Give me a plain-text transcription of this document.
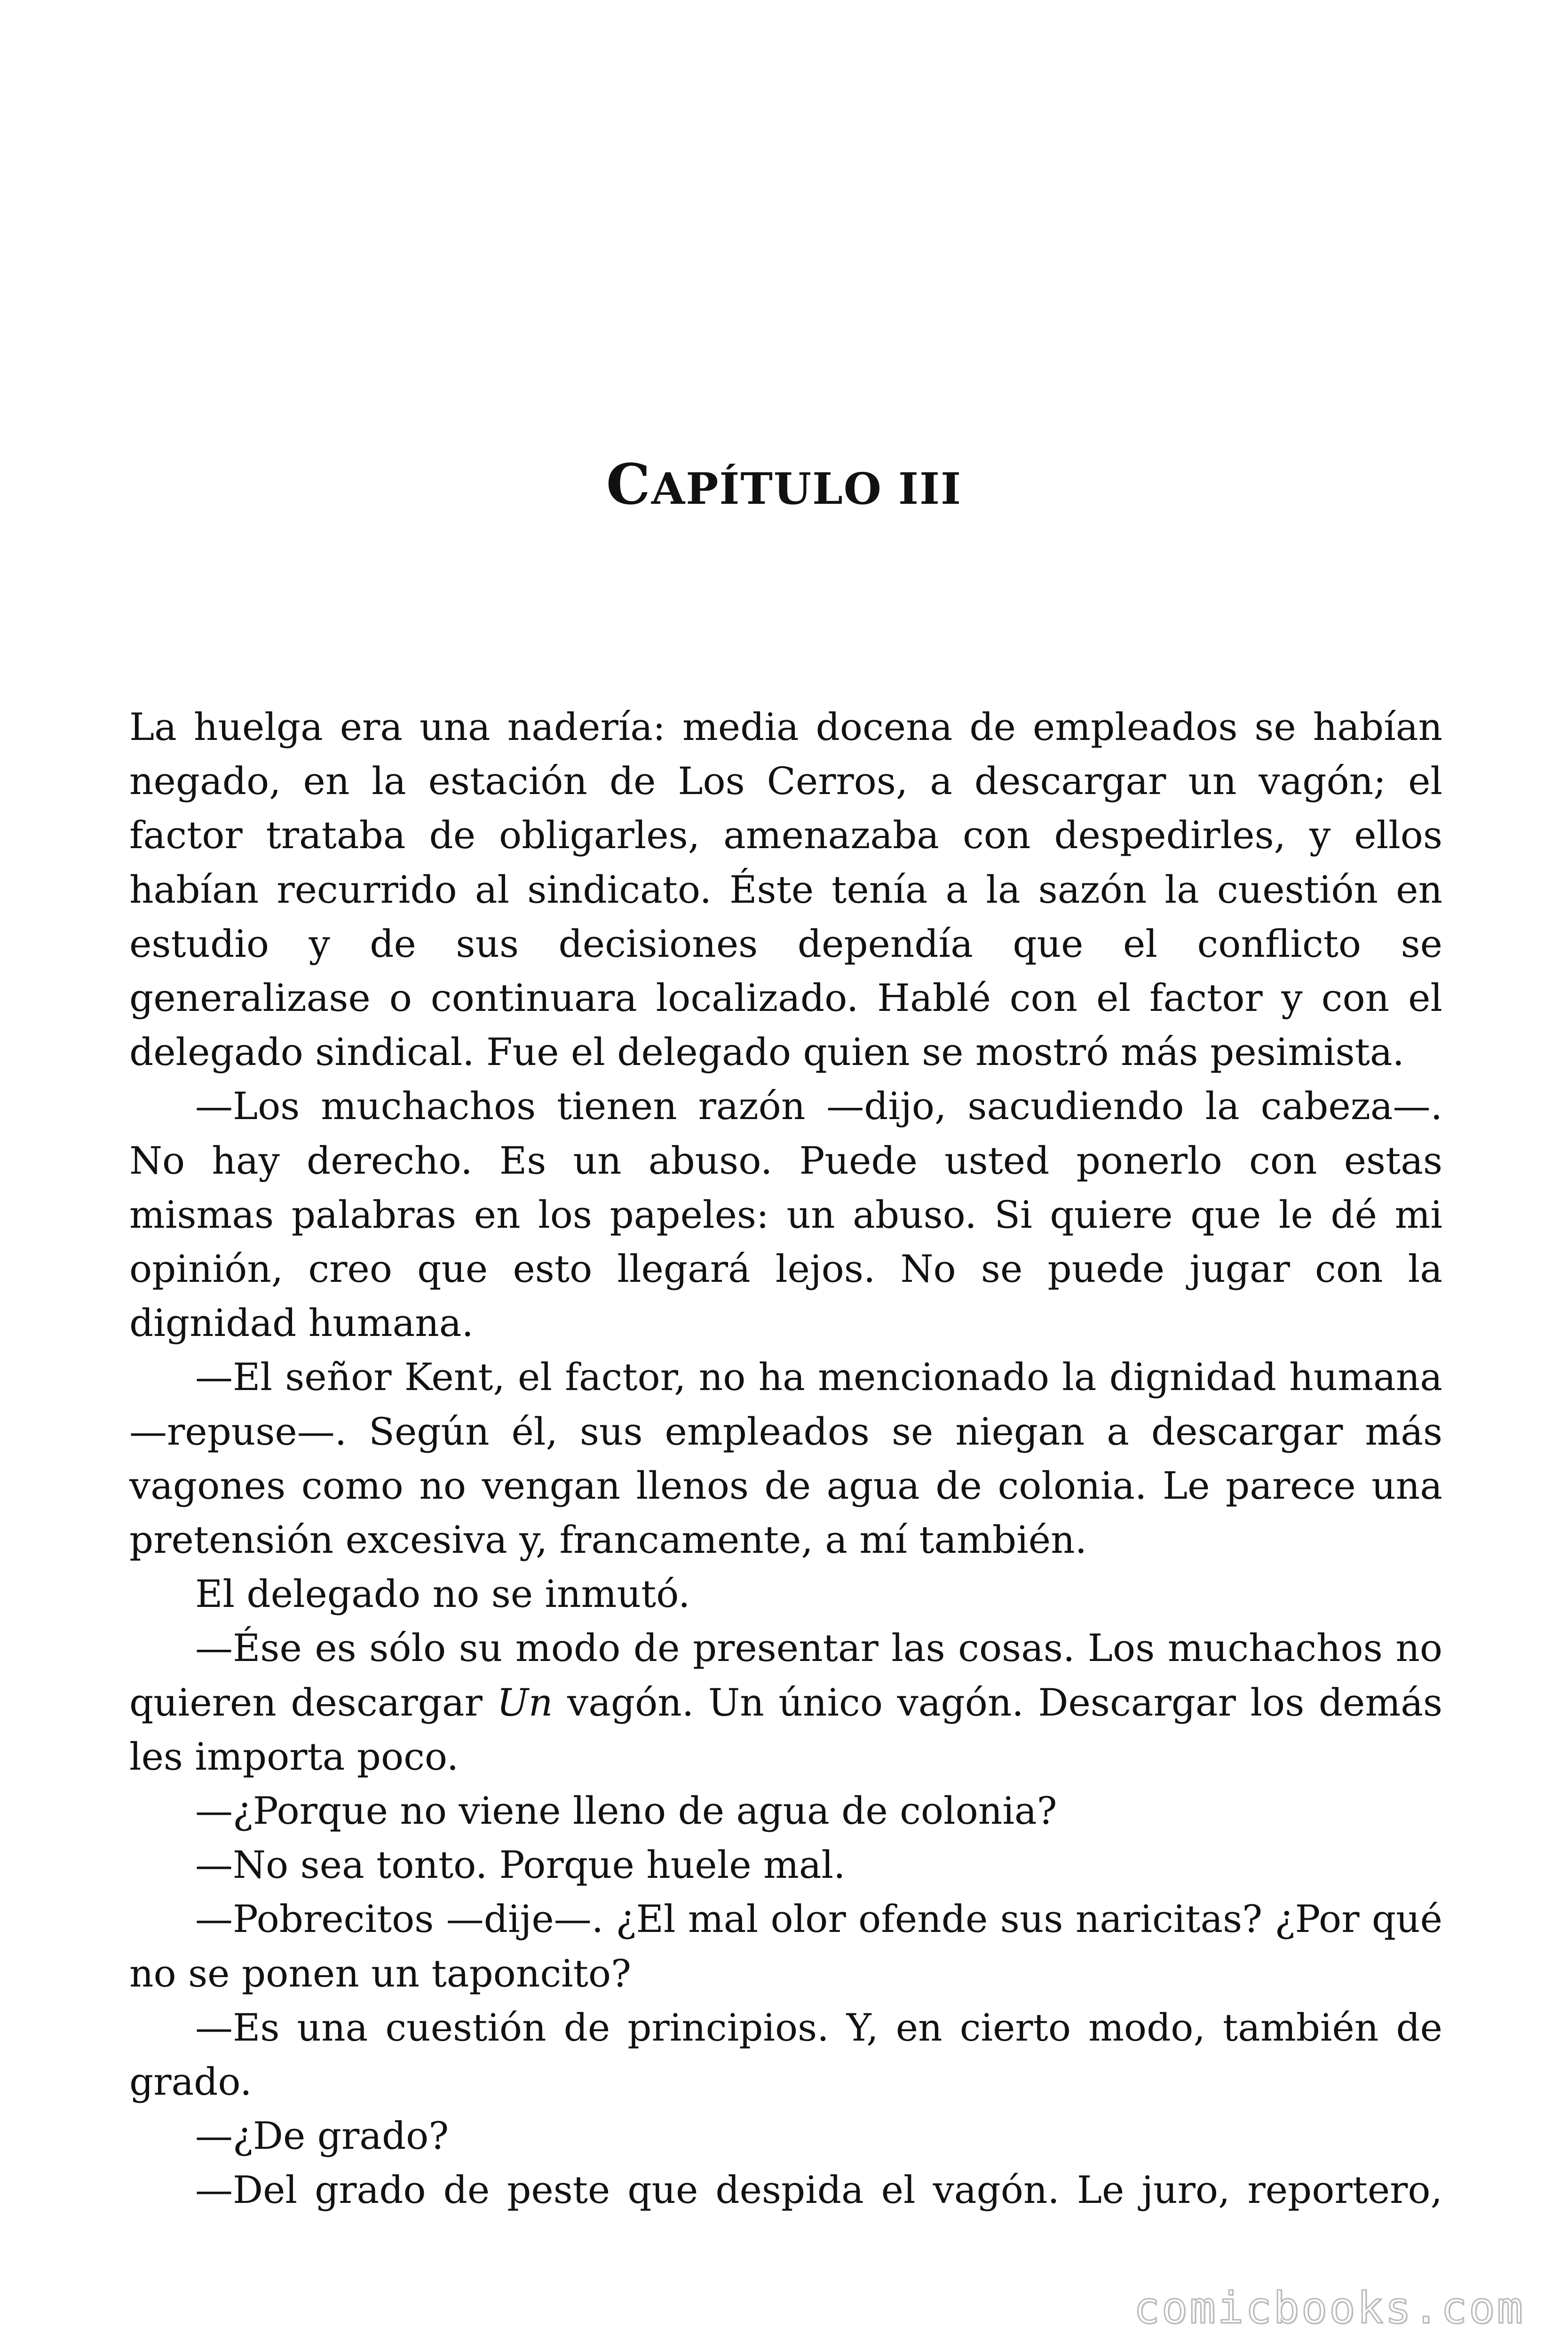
CAPÍTULO III

La huelga era una nadería: media docena de empleados se habían negado, en la estación de Los Cerros, a descargar un vagón; el factor trataba de obligarles, amenazaba con despedirles, y ellos habían recurrido al sindicato. Éste tenía a la sazón la cuestión en estudio y de sus decisiones dependía que el conflicto se generalizase o continuara localizado. Hablé con el factor y con el delegado sindical. Fue el delegado quien se mostró más pesimista.

—Los muchachos tienen razón —dijo, sacudiendo la cabeza—. No hay derecho. Es un abuso. Puede usted ponerlo con estas mismas palabras en los papeles: un abuso. Si quiere que le dé mi opinión, creo que esto llegará lejos. No se puede jugar con la dignidad humana.

—El señor Kent, el factor, no ha mencionado la dignidad humana —repuse—. Según él, sus empleados se niegan a descargar más vagones como no vengan llenos de agua de colonia. Le parece una pretensión excesiva y, francamente, a mí también.

El delegado no se inmutó.

—Ése es sólo su modo de presentar las cosas. Los muchachos no quieren descargar Un vagón. Un único vagón. Descargar los demás les importa poco.

—¿Porque no viene lleno de agua de colonia?

—No sea tonto. Porque huele mal.

—Pobrecitos —dije—. ¿El mal olor ofende sus naricitas? ¿Por qué no se ponen un taponcito?

—Es una cuestión de principios. Y, en cierto modo, también de grado.

—¿De grado?

—Del grado de peste que despida el vagón. Le juro, reportero,

comicbooks.com
